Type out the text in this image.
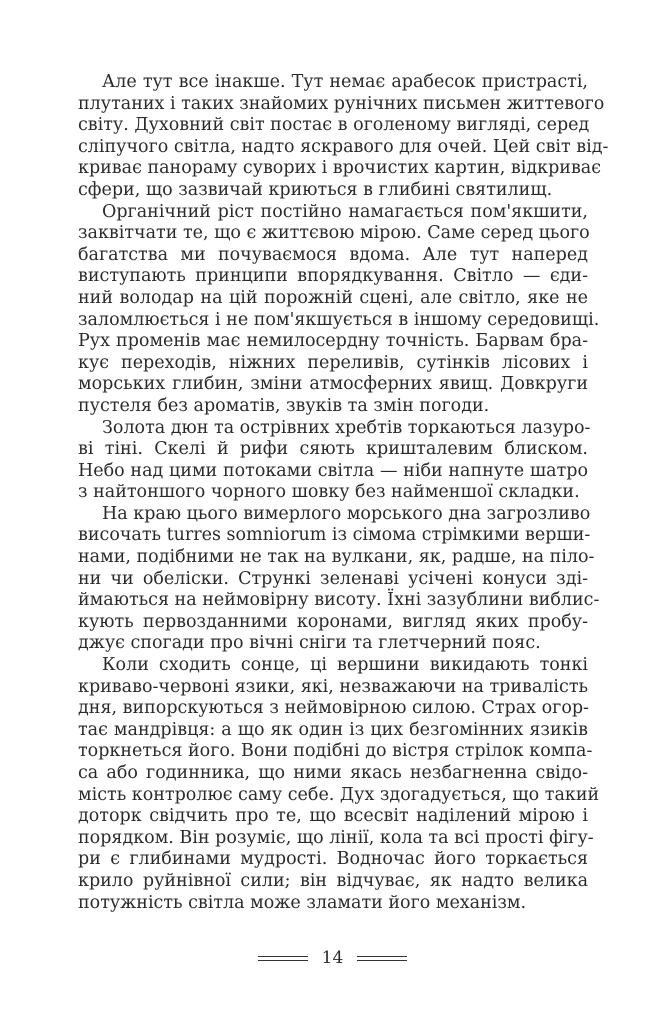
Але тут все інакше. Тут немає арабесок пристрасті,
плутаних і таких знайомих рунічних письмен життевого
світу. Духовний світ постає в оголеному вигляді, серед
сліпучого світла, надто яскравого для очей. Цей світ від-
криває панораму суворих і врочистих картин, відкриває
сфери, що зазвичай криються в глибині святилищ.
Органічний ріст постійно намагається пом'якшити,
заквітчати те, що є життєвою мірою. Саме серед цього
багатства ми почуваємося вдома. Але тут наперед
виступають принципи впорядкування. Світло — єди-
ний володар на цій порожній сцені, але світло, яке не
заломлюється і не пом'якшується в іншому середовищі.
Рух променів має немилосердну точність. Барвам бра-
кує переходів, ніжних переливів, сутінків лісових і
морських глибин, зміни атмосферних явищ. Довкруги
пустеля без ароматів, звуків та змін погоди.
Золота дюн та острівних хребтів торкаються лазуро-
ві тіні. Скелі й рифи сяють кришталевим блиском.
Небо над цими потоками світла — ніби напнуте шатро
з найтоншого чорного шовку без найменшої складки.
На краю цього вимерлого морського дна загрозливо
височать turres somniorum із сімома стрімкими верши-
нами, подібними не так на вулкани, як, радше, на піло-
ни чи обеліски. Стрункі зеленаві усічені конуси зді-
ймаються на неймовірну висоту. Їхні зазублини виблис-
кують первозданними коронами, вигляд яких пробу-
джує спогади про вічні сніги та глетчерний пояс.
Коли сходить сонце, ці вершини викидають тонкі
криваво-червоні язики, які, незважаючи на тривалість
дня, випорскуються з неймовірною силою. Страх огор-
тає мандрівця: а що як один із цих безгомінних язиків
торкнеться його. Вони подібні до вістря стрілок компа-
са або годинника, що ними якась незбагненна свідо-
мість контролює саму себе. Дух здогадується, що такий
доторк свідчить про те, що всесвіт наділений мірою і
порядком. Він розуміє, що лінії, кола та всі прості фігу-
ри є глибинами мудрості. Водночас його торкається
крило руйнівної сили; він відчуває, як надто велика
потужність світла може зламати його механізм.
14
